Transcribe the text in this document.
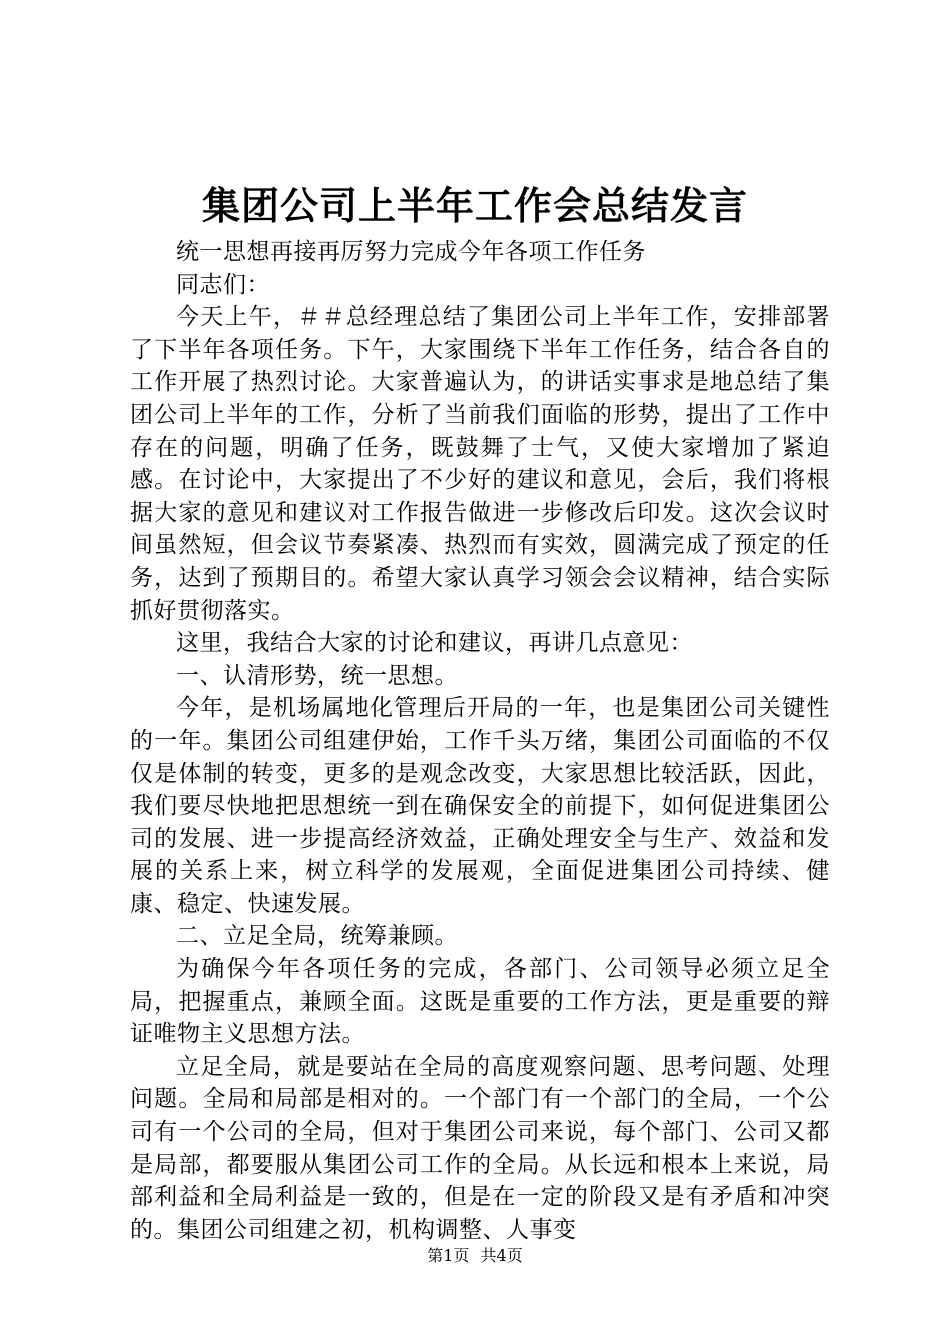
集团公司上半年工作会总结发言

统一思想再接再厉努力完成今年各项工作任务

同志们：

今天上午，＃＃总经理总结了集团公司上半年工作，安排部署了下半年各项任务。下午，大家围绕下半年工作任务，结合各自的工作开展了热烈讨论。大家普遍认为，的讲话实事求是地总结了集团公司上半年的工作，分析了当前我们面临的形势，提出了工作中存在的问题，明确了任务，既鼓舞了士气，又使大家增加了紧迫感。在讨论中，大家提出了不少好的建议和意见，会后，我们将根据大家的意见和建议对工作报告做进一步修改后印发。这次会议时间虽然短，但会议节奏紧凑、热烈而有实效，圆满完成了预定的任务，达到了预期目的。希望大家认真学习领会会议精神，结合实际抓好贯彻落实。

这里，我结合大家的讨论和建议，再讲几点意见：

一、认清形势，统一思想。

今年，是机场属地化管理后开局的一年，也是集团公司关键性的一年。集团公司组建伊始，工作千头万绪，集团公司面临的不仅仅是体制的转变，更多的是观念改变，大家思想比较活跃，因此，我们要尽快地把思想统一到在确保安全的前提下，如何促进集团公司的发展、进一步提高经济效益，正确处理安全与生产、效益和发展的关系上来，树立科学的发展观，全面促进集团公司持续、健康、稳定、快速发展。

二、立足全局，统筹兼顾。

为确保今年各项任务的完成，各部门、公司领导必须立足全局，把握重点，兼顾全面。这既是重要的工作方法，更是重要的辩证唯物主义思想方法。

立足全局，就是要站在全局的高度观察问题、思考问题、处理问题。全局和局部是相对的。一个部门有一个部门的全局，一个公司有一个公司的全局，但对于集团公司来说，每个部门、公司又都是局部，都要服从集团公司工作的全局。从长远和根本上来说，局部利益和全局利益是一致的，但是在一定的阶段又是有矛盾和冲突的。集团公司组建之初，机构调整、人事变

第1页 共4页
